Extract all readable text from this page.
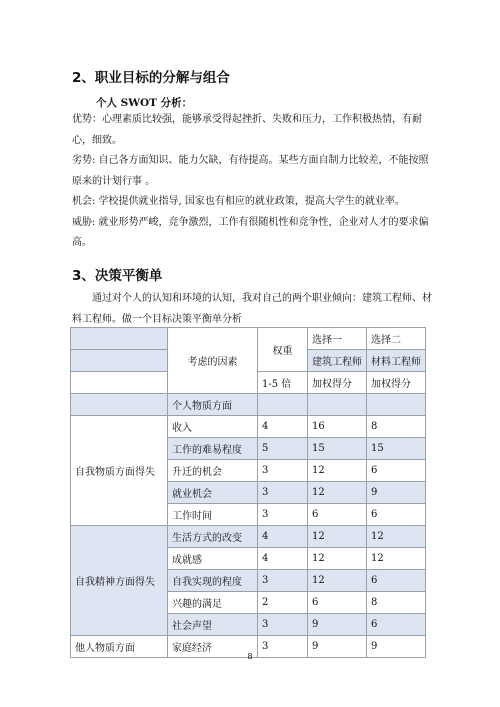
2、职业目标的分解与组合
个人 SWOT 分析：

优势：心理素质比较强，能够承受得起挫折、失败和压力，工作积极热情，有耐心，细致。

劣势: 自己各方面知识、能力欠缺，有待提高。某些方面自制力比较差，不能按照原来的计划行事 。

机会: 学校提供就业指导, 国家也有相应的就业政策，提高大学生的就业率。

威胁: 就业形势严峻，竞争激烈，工作有很随机性和竞争性，企业对人才的要求偏高。

3、决策平衡单

通过对个人的认知和环境的认知，我对自己的两个职业倾向：建筑工程师、材料工程师。做一个目标决策平衡单分析

	考虑的因素	权重	选择一	选择二
			建筑工程师	材料工程师
		1-5 倍	加权得分	加权得分
	个人物质方面			
自我物质方面得失	收入	4	16	8
	工作的难易程度	5	15	15
	升迁的机会	3	12	6
	就业机会	3	12	9
	工作时间	3	6	6
自我精神方面得失	生活方式的改变	4	12	12
	成就感	4	12	12
	自我实现的程度	3	12	6
	兴趣的满足	2	6	8
	社会声望	3	9	6
他人物质方面	家庭经济	3	9	9
8
